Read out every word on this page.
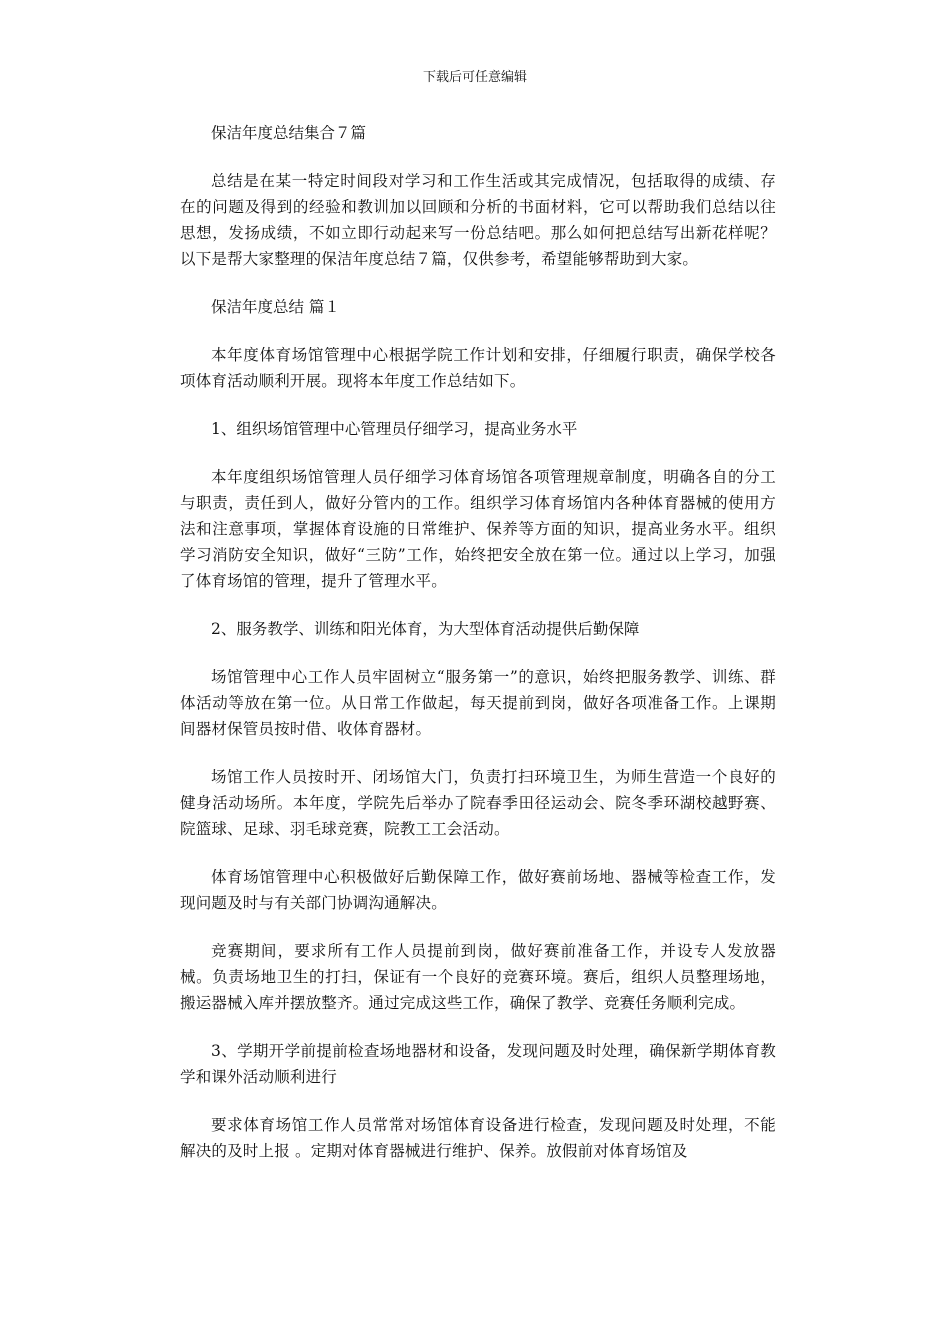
下载后可任意编辑

保洁年度总结集合７篇

总结是在某一特定时间段对学习和工作生活或其完成情况，包括取得的成绩、存在的问题及得到的经验和教训加以回顾和分析的书面材料，它可以帮助我们总结以往思想，发扬成绩，不如立即行动起来写一份总结吧。那么如何把总结写出新花样呢？以下是帮大家整理的保洁年度总结７篇，仅供参考，希望能够帮助到大家。

保洁年度总结 篇１

本年度体育场馆管理中心根据学院工作计划和安排，仔细履行职责，确保学校各项体育活动顺利开展。现将本年度工作总结如下。

1、组织场馆管理中心管理员仔细学习，提高业务水平

本年度组织场馆管理人员仔细学习体育场馆各项管理规章制度，明确各自的分工与职责，责任到人，做好分管内的工作。组织学习体育场馆内各种体育器械的使用方法和注意事项，掌握体育设施的日常维护、保养等方面的知识，提高业务水平。组织学习消防安全知识，做好“三防”工作，始终把安全放在第一位。通过以上学习，加强了体育场馆的管理，提升了管理水平。

2、服务教学、训练和阳光体育，为大型体育活动提供后勤保障

场馆管理中心工作人员牢固树立“服务第一”的意识，始终把服务教学、训练、群体活动等放在第一位。从日常工作做起，每天提前到岗，做好各项准备工作。上课期间器材保管员按时借、收体育器材。

场馆工作人员按时开、闭场馆大门，负责打扫环境卫生，为师生营造一个良好的健身活动场所。本年度，学院先后举办了院春季田径运动会、院冬季环湖校越野赛、院篮球、足球、羽毛球竞赛，院教工工会活动。

体育场馆管理中心积极做好后勤保障工作，做好赛前场地、器械等检查工作，发现问题及时与有关部门协调沟通解决。

竞赛期间，要求所有工作人员提前到岗，做好赛前准备工作，并设专人发放器械。负责场地卫生的打扫，保证有一个良好的竞赛环境。赛后，组织人员整理场地，搬运器械入库并摆放整齐。通过完成这些工作，确保了教学、竞赛任务顺利完成。

3、学期开学前提前检查场地器材和设备，发现问题及时处理，确保新学期体育教学和课外活动顺利进行

要求体育场馆工作人员常常对场馆体育设备进行检查，发现问题及时处理，不能解决的及时上报 。定期对体育器械进行维护、保养。放假前对体育场馆及
